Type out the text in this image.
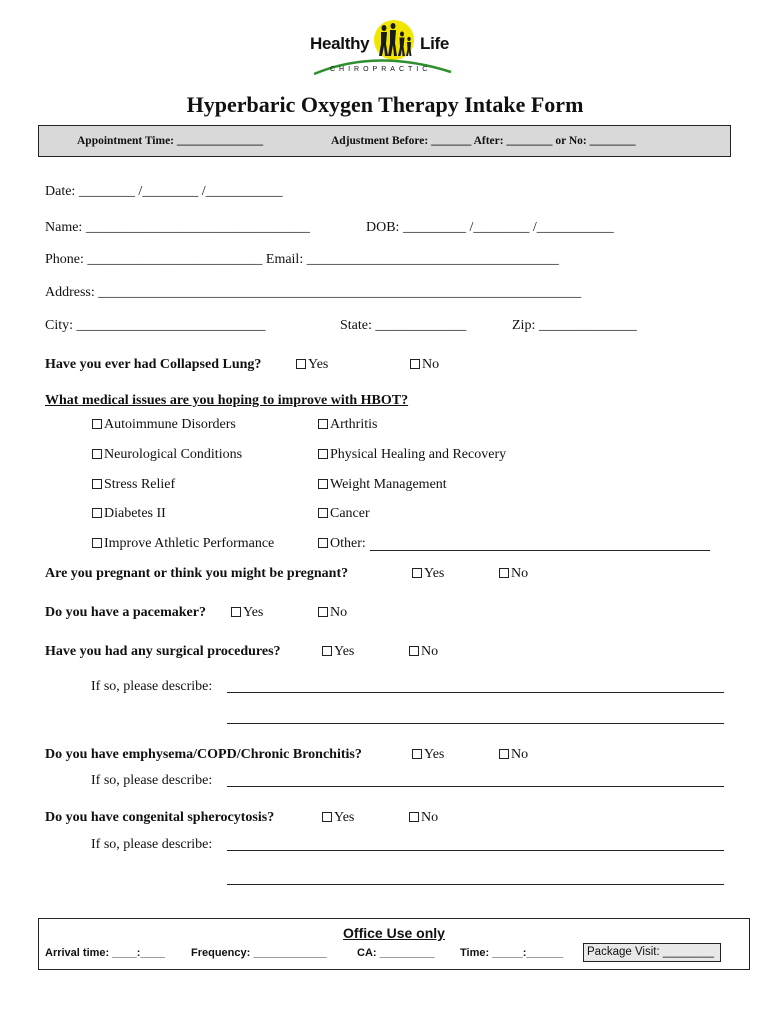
Healthy	Life
CHIROPRACTIC
Hyperbaric Oxygen Therapy Intake Form
Appointment Time: _______________	Adjustment Before: _______ After: ________ or No: ________
Date: ________ /________ /___________
Name: ________________________________	DOB: _________ /________ /___________
Phone: _________________________ Email: ____________________________________
Address: _____________________________________________________________________
City: ___________________________	State: _____________	Zip: ______________
Have you ever had Collapsed Lung?	Yes	No
What medical issues are you hoping to improve with HBOT?
Autoimmune Disorders	Arthritis
Neurological Conditions	Physical Healing and Recovery
Stress Relief	Weight Management
Diabetes II	Cancer
Improve Athletic Performance	Other:
Are you pregnant or think you might be pregnant?	Yes	No
Do you have a pacemaker?	Yes	No
Have you had any surgical procedures?	Yes	No
If so, please describe:
Do you have emphysema/COPD/Chronic Bronchitis?	Yes	No
If so, please describe:
Do you have congenital spherocytosis?	Yes	No
If so, please describe:
Office Use only
Arrival time: ____:____ Frequency: ____________	CA: _________ Time: _____:______ Package Visit: ________
